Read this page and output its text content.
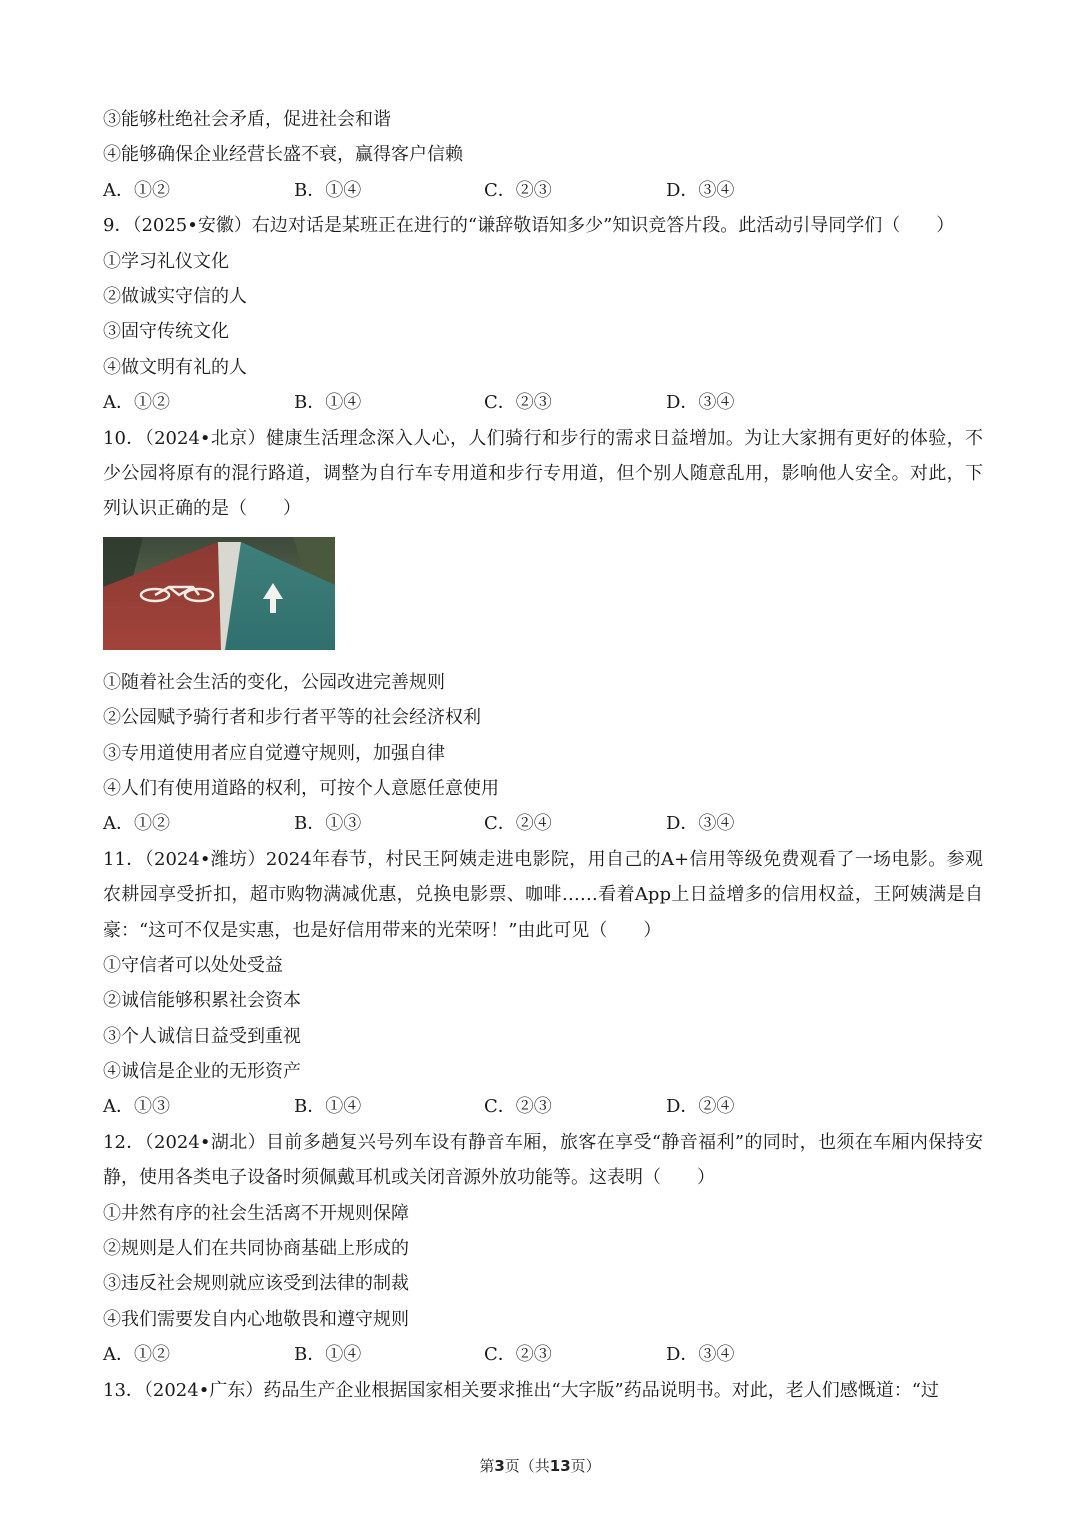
③能够杜绝社会矛盾，促进社会和谐
④能够确保企业经营长盛不衰，赢得客户信赖
A．①②	B．①④	C．②③	D．③④
9．（2025•安徽）右边对话是某班正在进行的“谦辞敬语知多少”知识竞答片段。此活动引导同学们（　　）
①学习礼仪文化
②做诚实守信的人
③固守传统文化
④做文明有礼的人
A．①②	B．①④	C．②③	D．③④
10．（2024•北京）健康生活理念深入人心，人们骑行和步行的需求日益增加。为让大家拥有更好的体验，不少公园将原有的混行路道，调整为自行车专用道和步行专用道，但个别人随意乱用，影响他人安全。对此，下列认识正确的是（　　）
①随着社会生活的变化，公园改进完善规则
②公园赋予骑行者和步行者平等的社会经济权利
③专用道使用者应自觉遵守规则，加强自律
④人们有使用道路的权利，可按个人意愿任意使用
A．①②	B．①③	C．②④	D．③④
11．（2024•潍坊）2024年春节，村民王阿姨走进电影院，用自己的A+信用等级免费观看了一场电影。参观农耕园享受折扣，超市购物满减优惠，兑换电影票、咖啡……看着App上日益增多的信用权益，王阿姨满是自豪：“这可不仅是实惠，也是好信用带来的光荣呀！”由此可见（　　）
①守信者可以处处受益
②诚信能够积累社会资本
③个人诚信日益受到重视
④诚信是企业的无形资产
A．①③	B．①④	C．②③	D．②④
12．（2024•湖北）目前多趟复兴号列车设有静音车厢，旅客在享受“静音福利”的同时，也须在车厢内保持安静，使用各类电子设备时须佩戴耳机或关闭音源外放功能等。这表明（　　）
①井然有序的社会生活离不开规则保障
②规则是人们在共同协商基础上形成的
③违反社会规则就应该受到法律的制裁
④我们需要发自内心地敬畏和遵守规则
A．①②	B．①④	C．②③	D．③④
13．（2024•广东）药品生产企业根据国家相关要求推出“大字版”药品说明书。对此，老人们感慨道：“过
第3页（共13页）
